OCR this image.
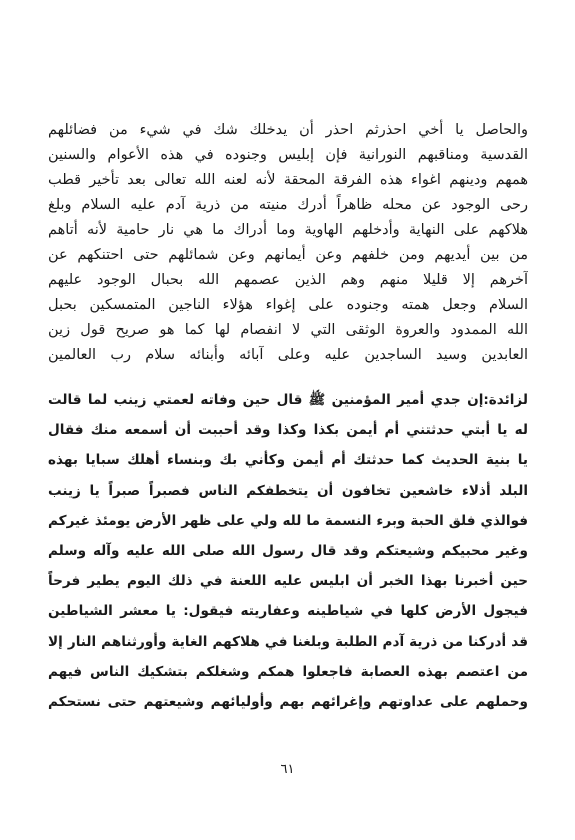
والحاصل يا أخي احذرثم احذر أن يدخلك شك في شيء من فضائلهم
القدسية ومناقبهم النورانية فإن إبليس وجنوده في هذه الأعوام والسنين
همهم ودينهم اغواء هذه الفرقة المحقة لأنه لعنه الله تعالى بعد تأخير قطب
رحى الوجود عن محله ظاهراً أدرك منيته من ذرية آدم عليه السلام وبلغ
هلاكهم على النهاية وأدخلهم الهاوية وما أدراك ما هي نار حامية لأنه أتاهم
من بين أيديهم ومن خلفهم وعن أيمانهم وعن شمائلهم حتى احتنكهم عن
آخرهم إلا قليلا منهم وهم الذين عصمهم الله بحبال الوجود عليهم
السلام وجعل همته وجنوده على إغواء هؤلاء الناجين المتمسكين بحبل
الله الممدود والعروة الوثقى التي لا انفصام لها كما هو صريح قول زين
العابدين وسيد الساجدين عليه وعلى آبائه وأبنائه سلام رب العالمين
لزائدة:إن جدي أمير المؤمنين ﷺ قال حين وفاته لعمتي زينب لما قالت
له يا أبتي حدثتني أم أيمن بكذا وكذا وقد أحببت أن أسمعه منك فقال
يا بنية الحديث كما حدثتك أم أيمن وكأني بك وبنساء أهلك سبايا بهذه
البلد أذلاء خاشعين تخافون أن يتخطفكم الناس فصبراً صبراً يا زينب
فوالذي فلق الحبة وبرء النسمة ما لله ولي على ظهر الأرض يومئذ غيركم
وغير محبيكم وشيعتكم وقد قال رسول الله صلى الله عليه وآله وسلم
حين أخبرنا بهذا الخبر أن ابليس عليه اللعنة في ذلك اليوم يطير فرحاً
فيجول الأرض كلها في شياطينه وعفاريته فيقول: يا معشر الشياطين
قد أدركنا من ذرية آدم الطلبة وبلغنا في هلاكهم الغاية وأورثناهم النار إلا
من اعتصم بهذه العصابة فاجعلوا همكم وشغلكم بتشكيك الناس فيهم
وحملهم على عداوتهم وإغرائهم بهم وأوليائهم وشيعتهم حتى نستحكم
٦١
